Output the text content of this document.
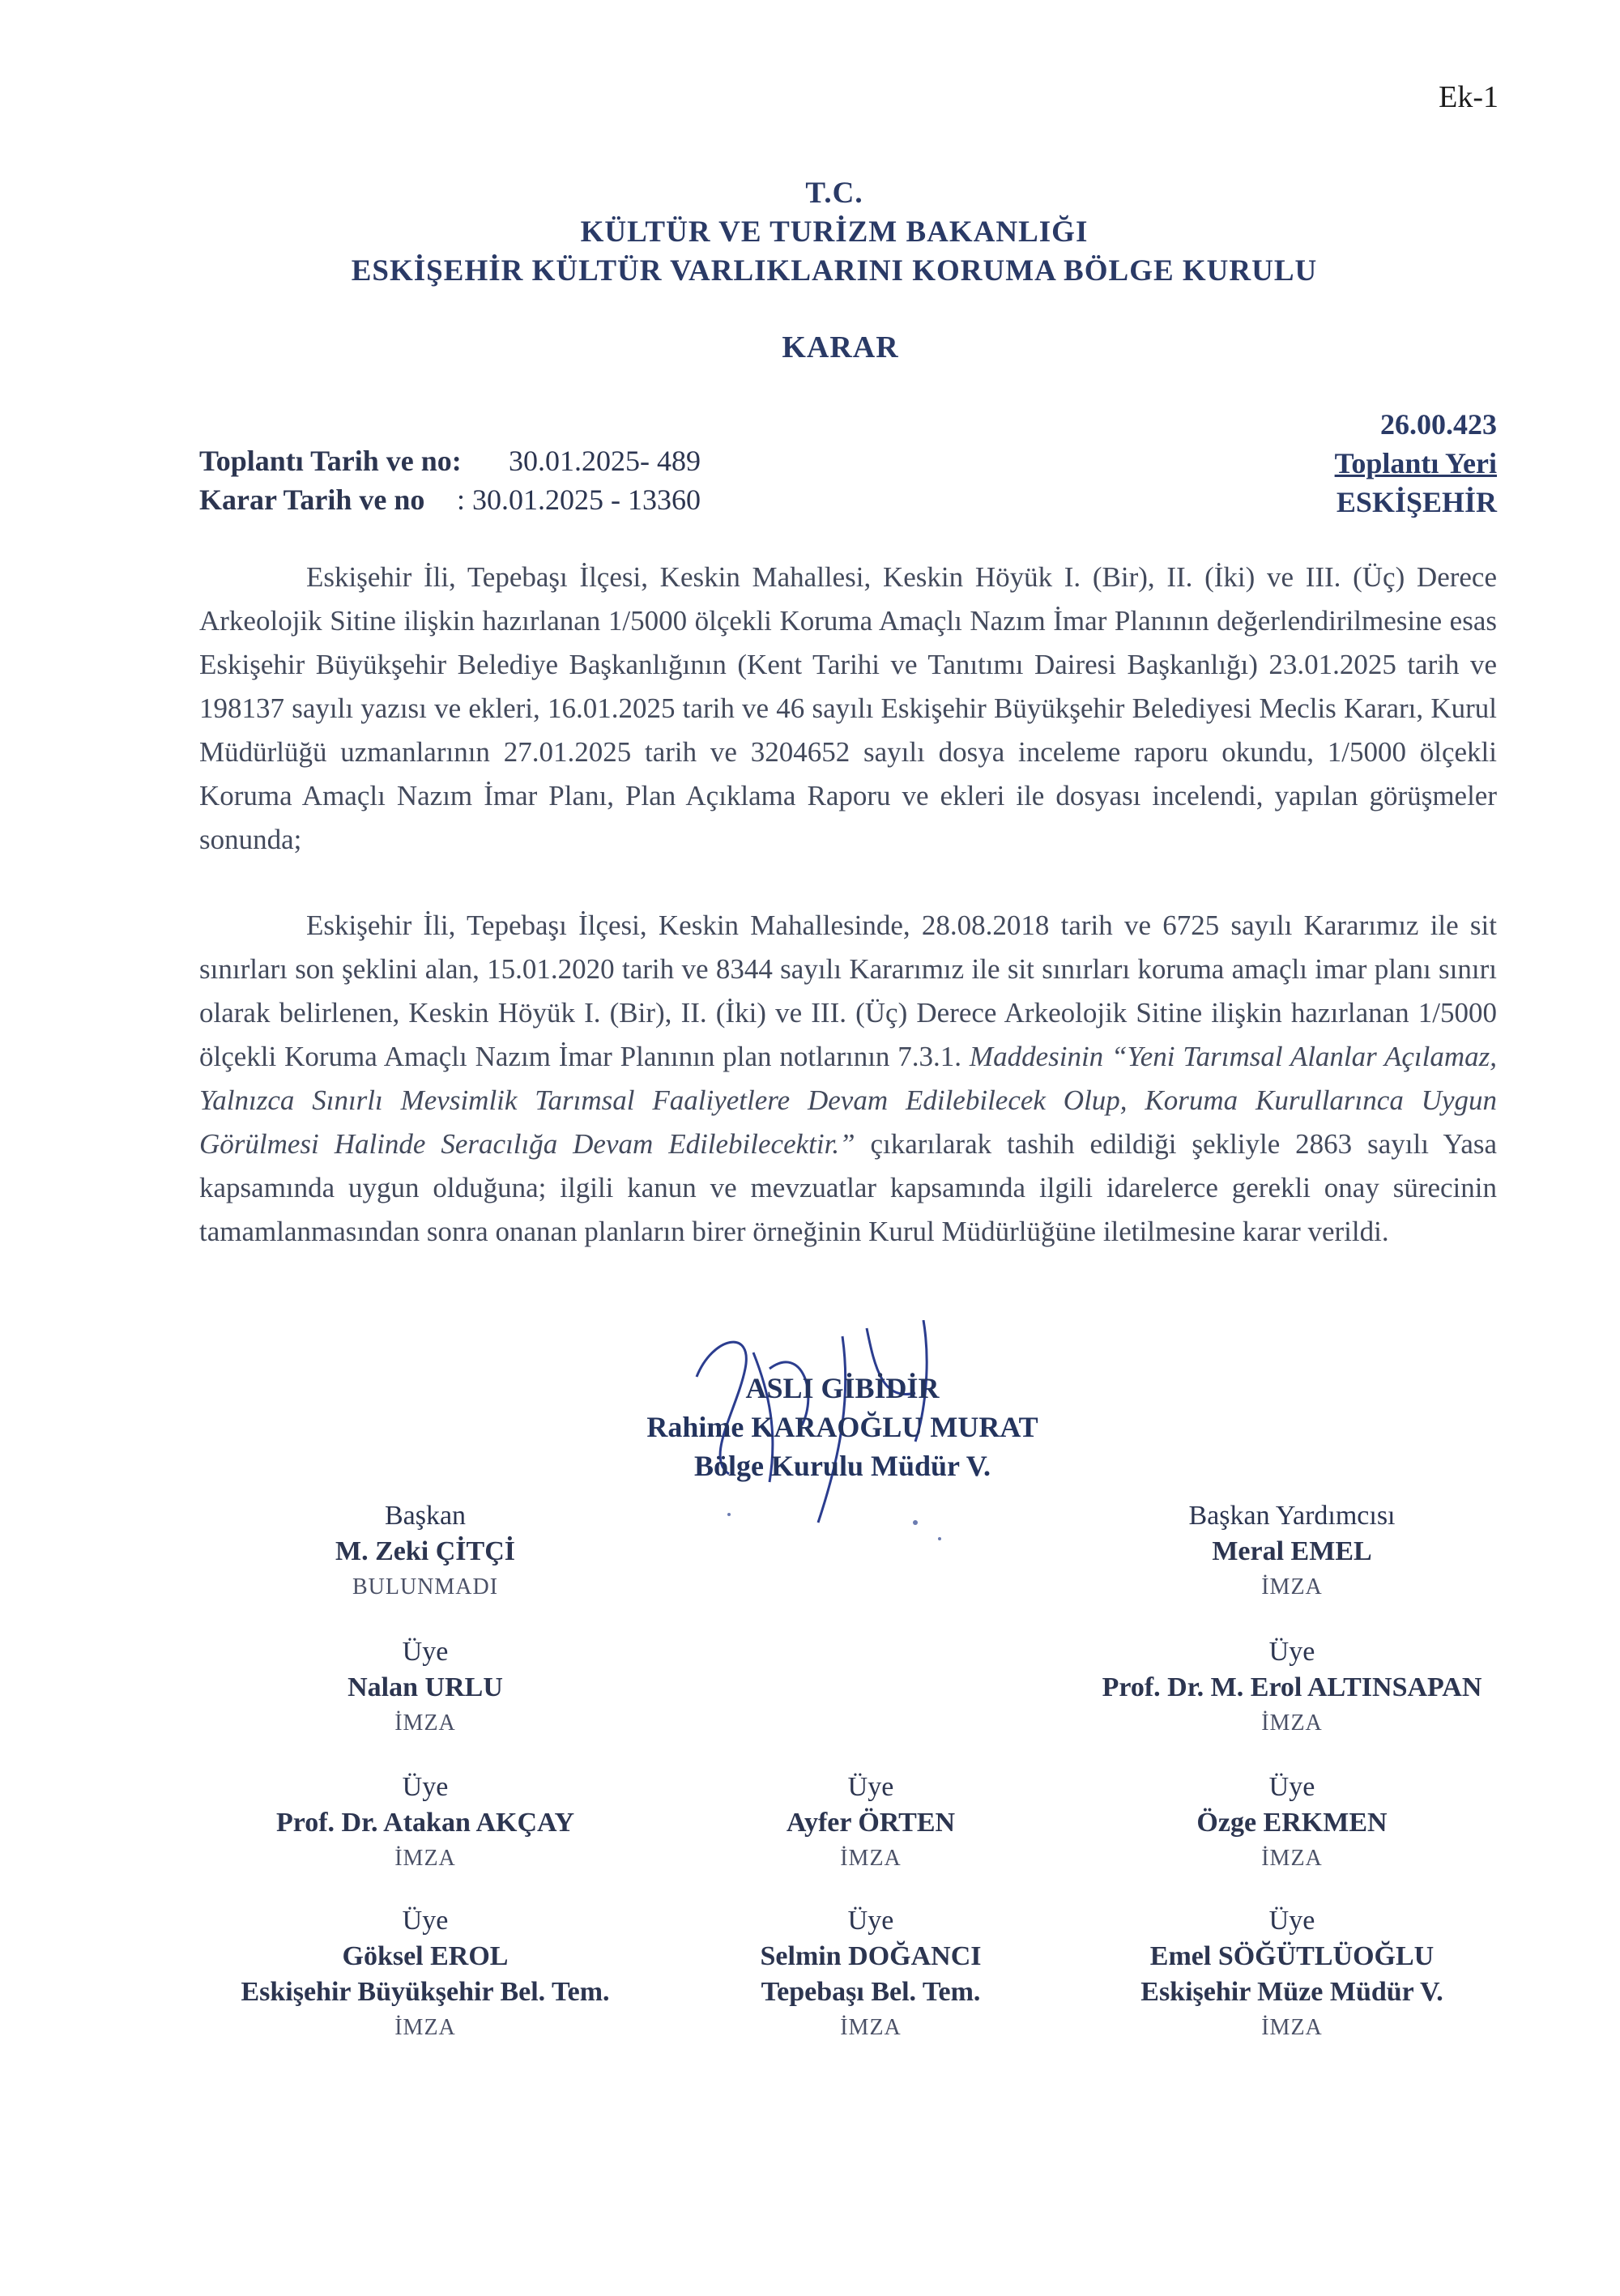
Ek-1
T.C.
KÜLTÜR VE TURİZM BAKANLIĞI
ESKİŞEHİR KÜLTÜR VARLIKLARINI KORUMA BÖLGE KURULU
KARAR
26.00.423
Toplantı Yeri
ESKİŞEHİR
Toplantı Tarih ve no: 30.01.2025- 489
Karar Tarih ve no : 30.01.2025 - 13360

Eskişehir İli, Tepebaşı İlçesi, Keskin Mahallesi, Keskin Höyük I. (Bir), II. (İki) ve III. (Üç) Derece Arkeolojik Sitine ilişkin hazırlanan 1/5000 ölçekli Koruma Amaçlı Nazım İmar Planının değerlendirilmesine esas Eskişehir Büyükşehir Belediye Başkanlığının (Kent Tarihi ve Tanıtımı Dairesi Başkanlığı) 23.01.2025 tarih ve 198137 sayılı yazısı ve ekleri, 16.01.2025 tarih ve 46 sayılı Eskişehir Büyükşehir Belediyesi Meclis Kararı, Kurul Müdürlüğü uzmanlarının 27.01.2025 tarih ve 3204652 sayılı dosya inceleme raporu okundu, 1/5000 ölçekli Koruma Amaçlı Nazım İmar Planı, Plan Açıklama Raporu ve ekleri ile dosyası incelendi, yapılan görüşmeler sonunda;

Eskişehir İli, Tepebaşı İlçesi, Keskin Mahallesinde, 28.08.2018 tarih ve 6725 sayılı Kararımız ile sit sınırları son şeklini alan, 15.01.2020 tarih ve 8344 sayılı Kararımız ile sit sınırları koruma amaçlı imar planı sınırı olarak belirlenen, Keskin Höyük I. (Bir), II. (İki) ve III. (Üç) Derece Arkeolojik Sitine ilişkin hazırlanan 1/5000 ölçekli Koruma Amaçlı Nazım İmar Planının plan notlarının 7.3.1. Maddesinin “Yeni Tarımsal Alanlar Açılamaz, Yalnızca Sınırlı Mevsimlik Tarımsal Faaliyetlere Devam Edilebilecek Olup, Koruma Kurullarınca Uygun Görülmesi Halinde Seracılığa Devam Edilebilecektir.” çıkarılarak tashih edildiği şekliyle 2863 sayılı Yasa kapsamında uygun olduğuna; ilgili kanun ve mevzuatlar kapsamında ilgili idarelerce gerekli onay sürecinin tamamlanmasından sonra onanan planların birer örneğinin Kurul Müdürlüğüne iletilmesine karar verildi.

ASLI GİBİDİR
Rahime KARAOĞLU MURAT
Bölge Kurulu Müdür V.
Başkan
M. Zeki ÇİTÇİ
BULUNMADI
Başkan Yardımcısı
Meral EMEL
İMZA
Üye
Nalan URLU
İMZA
Üye
Prof. Dr. M. Erol ALTINSAPAN
İMZA
Üye
Prof. Dr. Atakan AKÇAY
İMZA
Üye
Ayfer ÖRTEN
İMZA
Üye
Özge ERKMEN
İMZA
Üye
Göksel EROL
Eskişehir Büyükşehir Bel. Tem.
İMZA
Üye
Selmin DOĞANCI
Tepebaşı Bel. Tem.
İMZA
Üye
Emel SÖĞÜTLÜOĞLU
Eskişehir Müze Müdür V.
İMZA
